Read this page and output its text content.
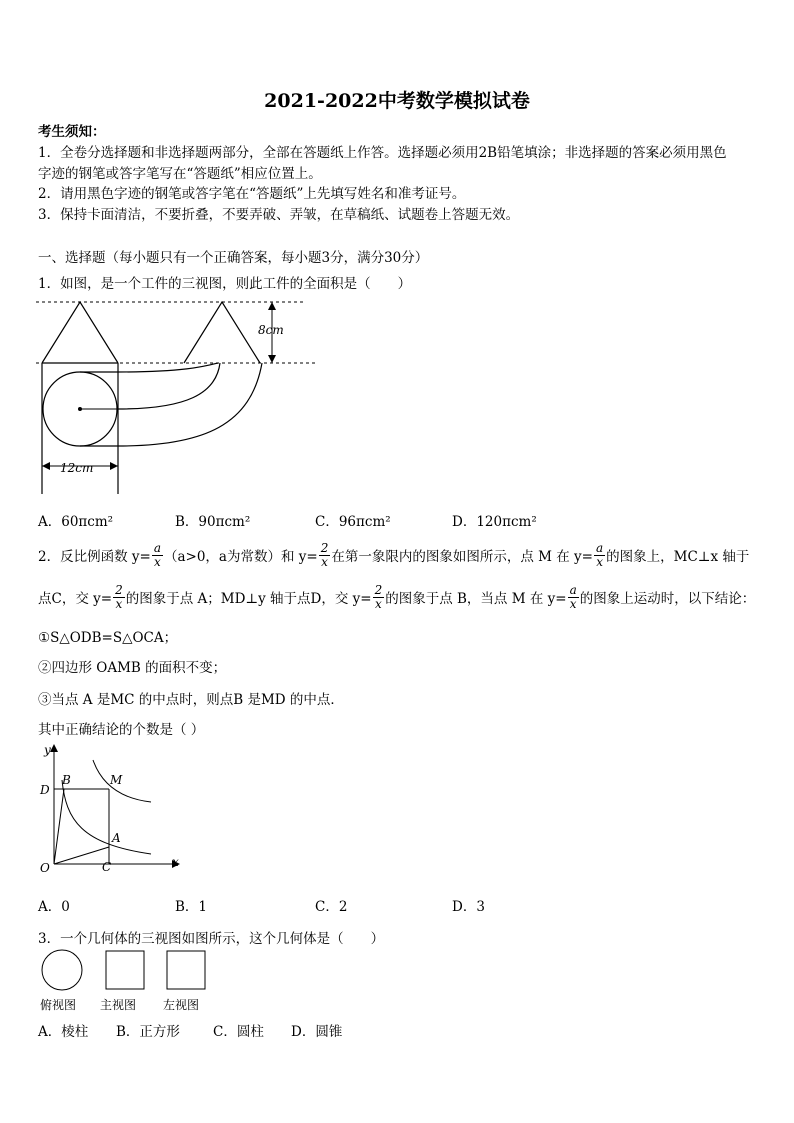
2021-2022中考数学模拟试卷
考生须知：
1．全卷分选择题和非选择题两部分，全部在答题纸上作答。选择题必须用2B铅笔填涂；非选择题的答案必须用黑色
字迹的钢笔或答字笔写在“答题纸”相应位置上。
2．请用黑色字迹的钢笔或答字笔在“答题纸”上先填写姓名和准考证号。
3．保持卡面清洁，不要折叠，不要弄破、弄皱，在草稿纸、试题卷上答题无效。
一、选择题（每小题只有一个正确答案，每小题3分，满分30分）
1．如图，是一个工件的三视图，则此工件的全面积是（　　）
8cm
12cm
A．60πcm²	B．90πcm²	C．96πcm²	D．120πcm²
2．反比例函数 $y= \frac{a}{x} (a>0$，a为常数）和 $y= \frac{2}{x}$ 在第一象限内的图象如图所示，点 M 在 $y= \frac{a}{x}$ 的图象上，MC⊥x 轴于
点C，交 $y= \frac{2}{x}$ 的图象于点 A；MD⊥y 轴于点D，交 $y= \frac{2}{x}$ 的图象于点 B，当点 M 在 $y= \frac{a}{x}$ 的图象上运动时，以下结论：
①S△ODB=S△OCA；
②四边形 OAMB 的面积不变；
③当点 A 是MC 的中点时，则点B 是MD 的中点．
其中正确结论的个数是（ ）
y
x
O	C
A
D
B	M
A．0	B．1	C．2	D．3
3．一个几何体的三视图如图所示，这个几何体是（　　）
俯视图 主视图 左视图
A．棱柱 B．正方形 C．圆柱 D．圆锥
